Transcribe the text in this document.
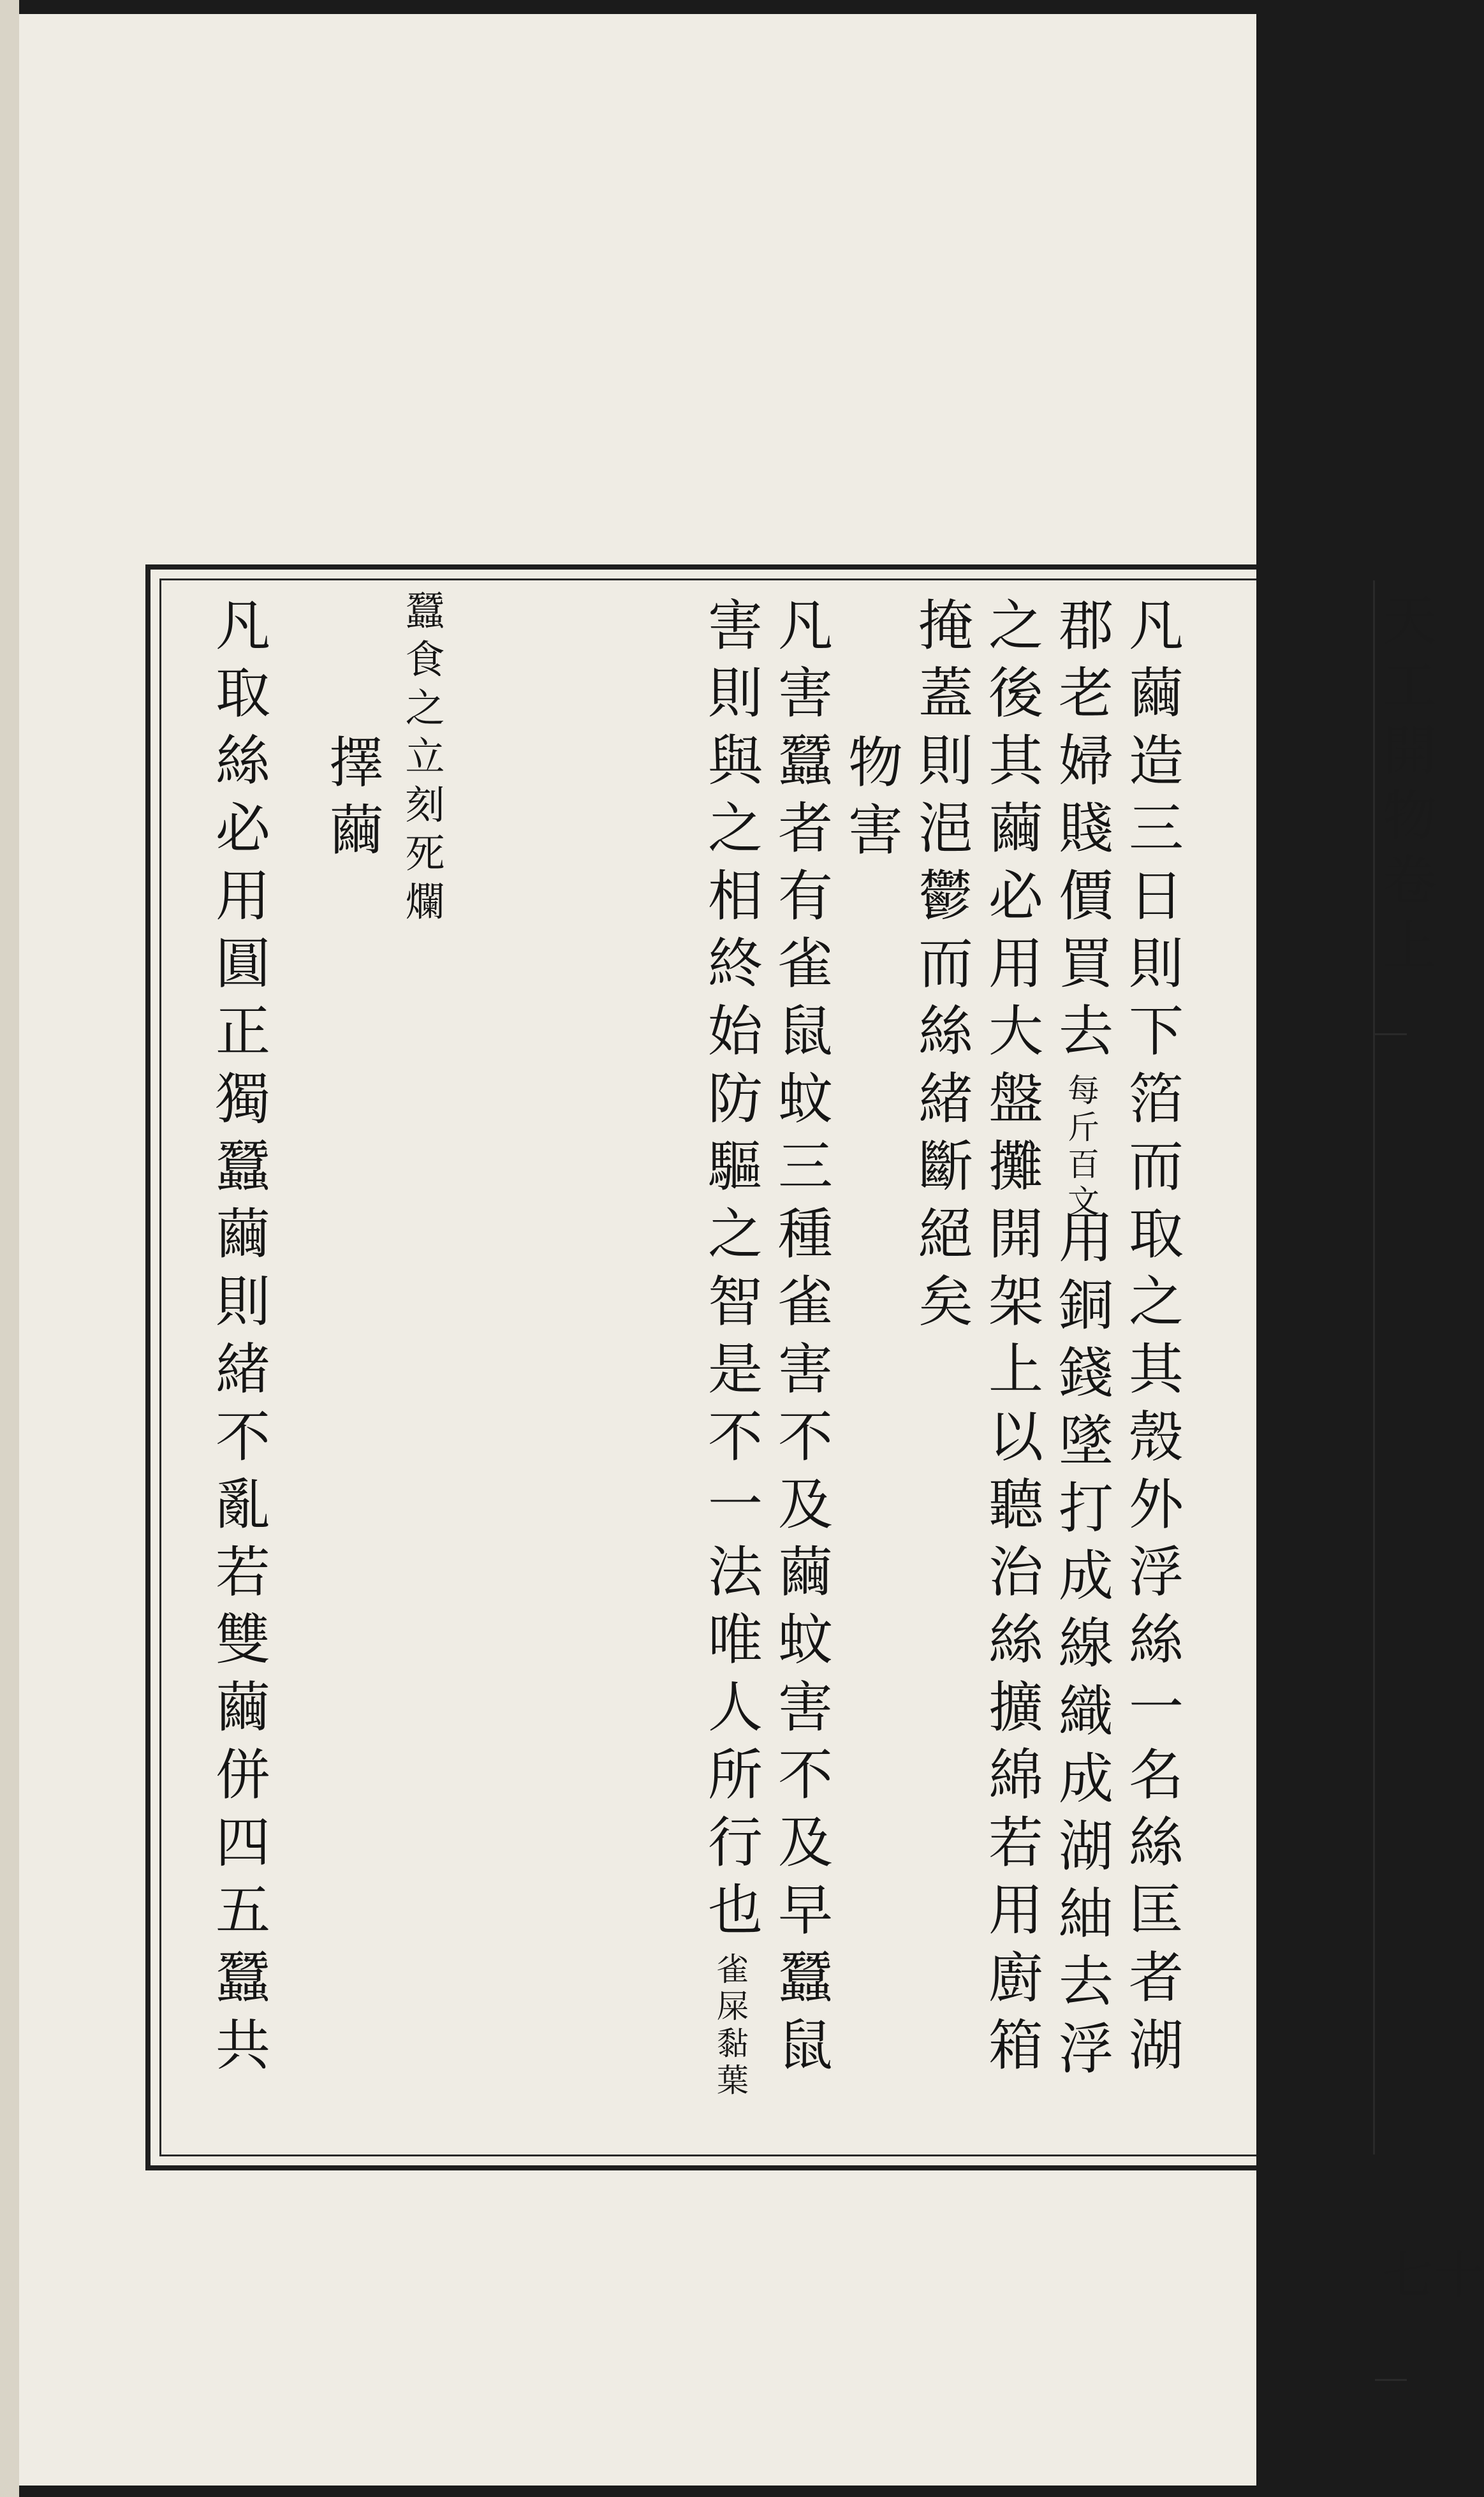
天工開物卷上
十七
凡繭造三日則下箔而取之其殼外浮絲一名絲匡者湖
郡老婦賤價買去每斤百文用銅錢墜打成線織成湖紬去浮
之後其繭必用大盤攤開架上以聽治絲擴綿若用廚箱
掩蓋則浥鬱而絲緒斷絕矣
物害
凡害蠶者有雀鼠蚊三種雀害不及繭蚊害不及早蠶鼠
害則與之相終始防驅之智是不一法唯人所行也雀屎黏葉
蠶食之立刻死爛
擇繭
凡取絲必用圓正獨蠶繭則緒不亂若雙繭併四五蠶共
